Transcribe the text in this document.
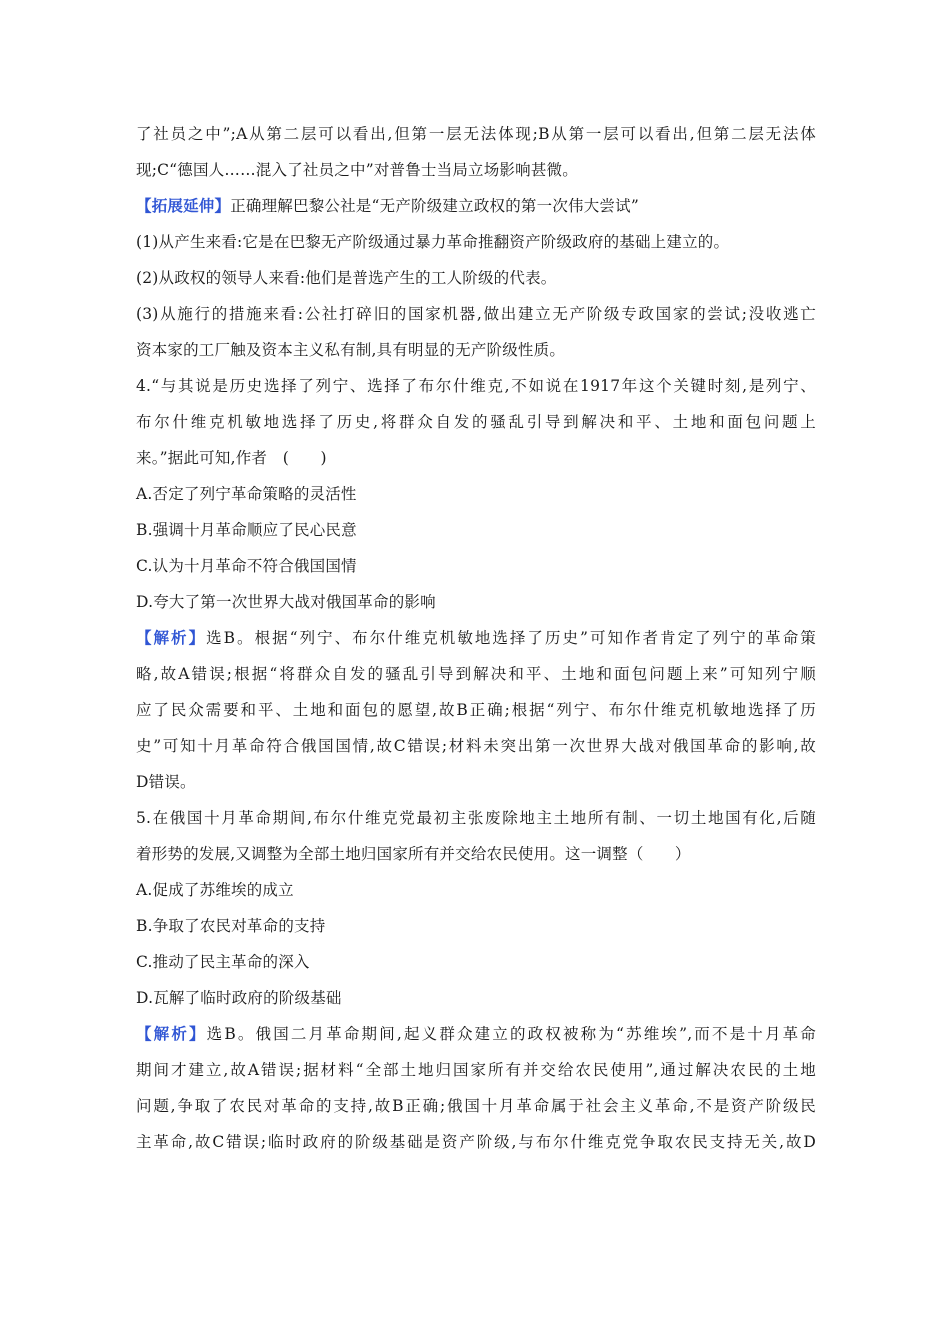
了社员之中”;A从第二层可以看出,但第一层无法体现;B从第一层可以看出,但第二层无法体
现;C“德国人……混入了社员之中”对普鲁士当局立场影响甚微。
【拓展延伸】正确理解巴黎公社是“无产阶级建立政权的第一次伟大尝试”
(1)从产生来看:它是在巴黎无产阶级通过暴力革命推翻资产阶级政府的基础上建立的。
(2)从政权的领导人来看:他们是普选产生的工人阶级的代表。
(3)从施行的措施来看:公社打碎旧的国家机器,做出建立无产阶级专政国家的尝试;没收逃亡
资本家的工厂触及资本主义私有制,具有明显的无产阶级性质。
4.“与其说是历史选择了列宁、选择了布尔什维克,不如说在1917年这个关键时刻,是列宁、
布尔什维克机敏地选择了历史,将群众自发的骚乱引导到解决和平、土地和面包问题上
来。”据此可知,作者　(　　)
A.否定了列宁革命策略的灵活性
B.强调十月革命顺应了民心民意
C.认为十月革命不符合俄国国情
D.夸大了第一次世界大战对俄国革命的影响
【解析】选B。根据“列宁、布尔什维克机敏地选择了历史”可知作者肯定了列宁的革命策
略,故A错误;根据“将群众自发的骚乱引导到解决和平、土地和面包问题上来”可知列宁顺
应了民众需要和平、土地和面包的愿望,故B正确;根据“列宁、布尔什维克机敏地选择了历
史”可知十月革命符合俄国国情,故C错误;材料未突出第一次世界大战对俄国革命的影响,故
D错误。
5.在俄国十月革命期间,布尔什维克党最初主张废除地主土地所有制、一切土地国有化,后随
着形势的发展,又调整为全部土地归国家所有并交给农民使用。这一调整（　　）
A.促成了苏维埃的成立
B.争取了农民对革命的支持
C.推动了民主革命的深入
D.瓦解了临时政府的阶级基础
【解析】选B。俄国二月革命期间,起义群众建立的政权被称为“苏维埃”,而不是十月革命
期间才建立,故A错误;据材料“全部土地归国家所有并交给农民使用”,通过解决农民的土地
问题,争取了农民对革命的支持,故B正确;俄国十月革命属于社会主义革命,不是资产阶级民
主革命,故C错误;临时政府的阶级基础是资产阶级,与布尔什维克党争取农民支持无关,故D
